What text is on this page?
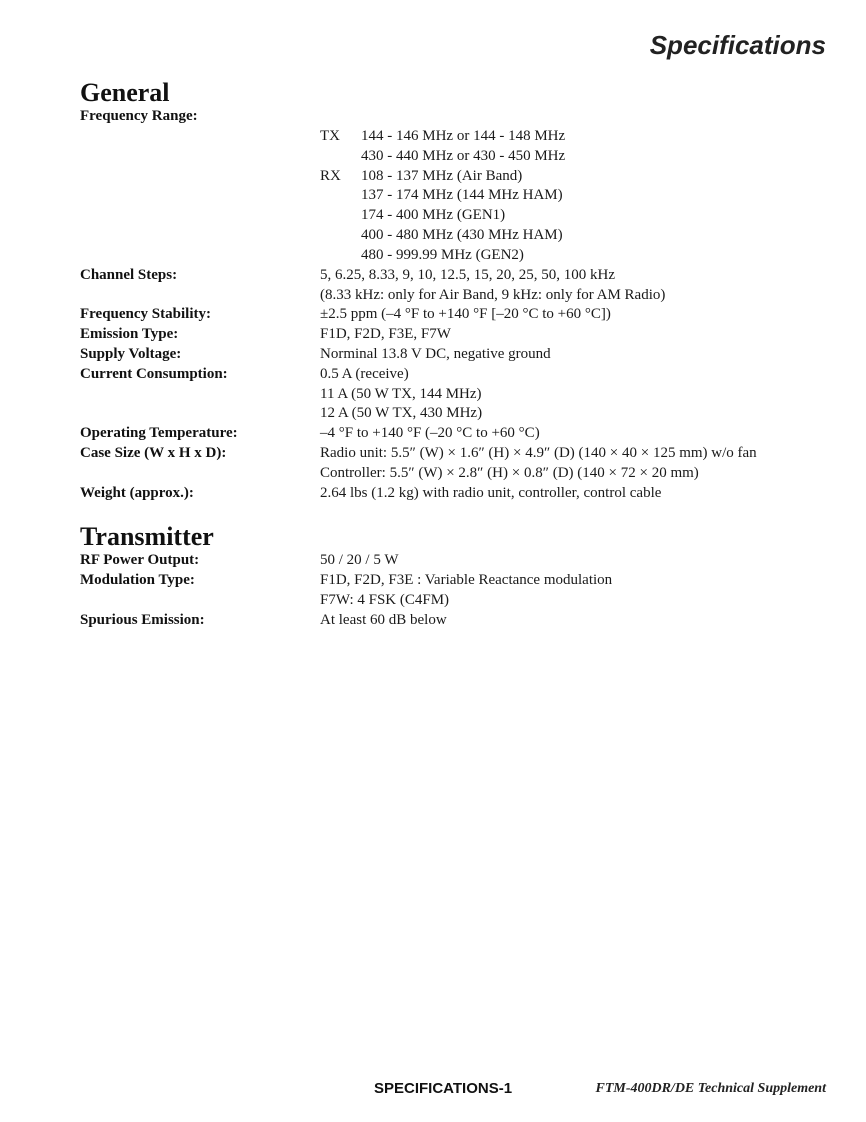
Specifications
General
Frequency Range:
TX 144 - 146 MHz or 144 - 148 MHz
430 - 440 MHz or 430 - 450 MHz
RX 108 - 137 MHz (Air Band)
137 - 174 MHz (144 MHz HAM)
174 - 400 MHz (GEN1)
400 - 480 MHz (430 MHz HAM)
480 - 999.99 MHz (GEN2)
Channel Steps:	5, 6.25, 8.33, 9, 10, 12.5, 15, 20, 25, 50, 100 kHz
(8.33 kHz: only for Air Band, 9 kHz: only for AM Radio)
Frequency Stability:	±2.5 ppm (–4 °F to +140 °F [–20 °C to +60 °C])
Emission Type:	F1D, F2D, F3E, F7W
Supply Voltage:	Norminal 13.8 V DC, negative ground
Current Consumption:	0.5 A (receive)
11 A (50 W TX, 144 MHz)
12 A (50 W TX, 430 MHz)
Operating Temperature:	–4 °F to +140 °F (–20 °C to +60 °C)
Case Size (W x H x D):	Radio unit: 5.5″ (W) × 1.6″ (H) × 4.9″ (D) (140 × 40 × 125 mm) w/o fan
Controller: 5.5″ (W) × 2.8″ (H) × 0.8″ (D) (140 × 72 × 20 mm)
Weight (approx.):	2.64 lbs (1.2 kg) with radio unit, controller, control cable
Transmitter
RF Power Output:	50 / 20 / 5 W
Modulation Type:	F1D, F2D, F3E : Variable Reactance modulation
F7W: 4 FSK (C4FM)
Spurious Emission:	At least 60 dB below
SPECIFICATIONS-1	FTM-400DR/DE Technical Supplement
